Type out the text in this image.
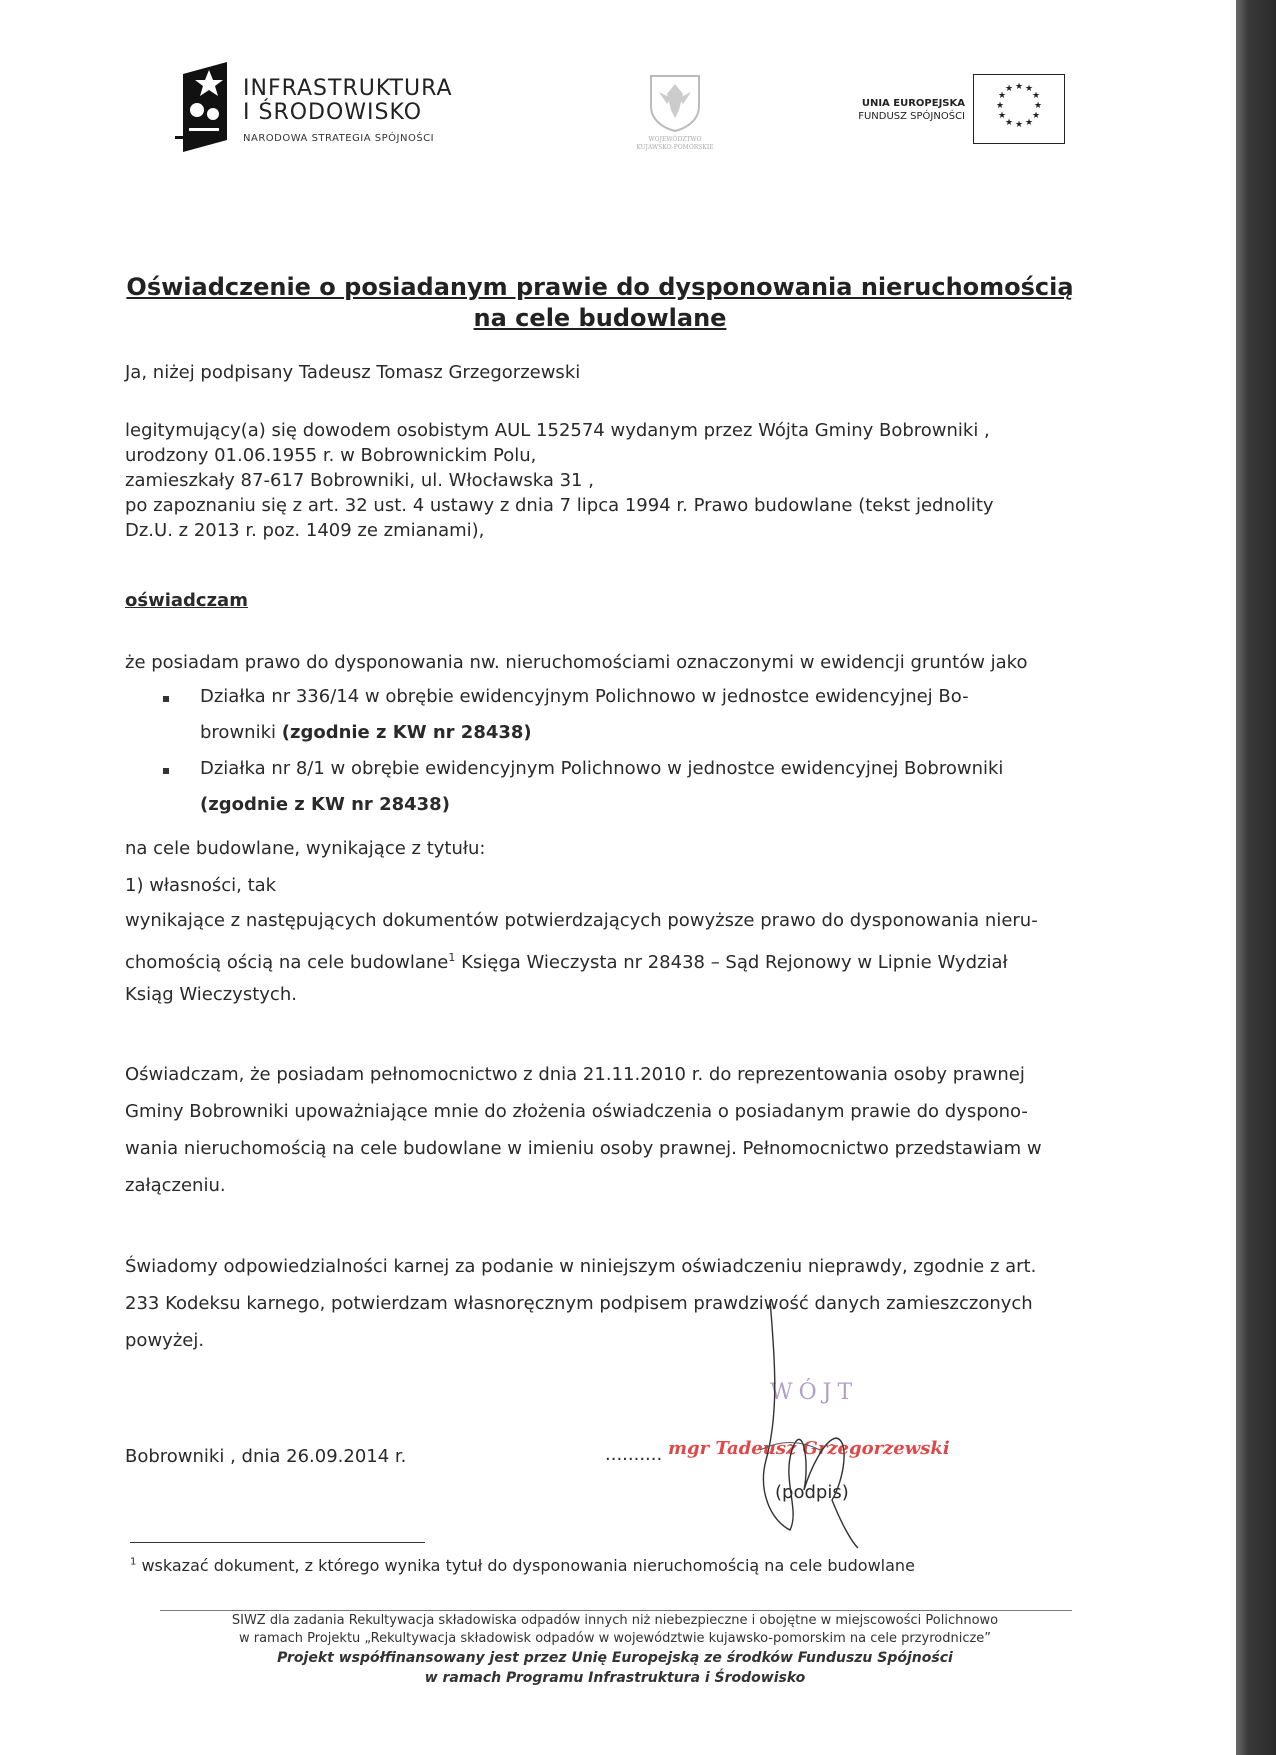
INFRASTRUKTURA
I ŚRODOWISKO
NARODOWA STRATEGIA SPÓJNOŚCI	WOJEWÓDZTWO
KUJAWSKO-POMORSKIE
UNIA EUROPEJSKA
FUNDUSZ SPÓJNOŚCI
★ ★
★
★
★
★
★
★
★
★
★
★
Oświadczenie o posiadanym prawie do dysponowania nieruchomością
na cele budowlane
Ja, niżej podpisany Tadeusz Tomasz Grzegorzewski
legitymujący(a) się dowodem osobistym AUL 152574 wydanym przez Wójta Gminy Bobrowniki ,
urodzony 01.06.1955 r. w Bobrownickim Polu,
zamieszkały 87-617 Bobrowniki, ul. Włocławska 31 ,
po zapoznaniu się z art. 32 ust. 4 ustawy z dnia 7 lipca 1994 r. Prawo budowlane (tekst jednolity
Dz.U. z 2013 r. poz. 1409 ze zmianami),
oświadczam
że posiadam prawo do dysponowania nw. nieruchomościami oznaczonymi w ewidencji gruntów jako
Działka nr 336/14 w obrębie ewidencyjnym Polichnowo w jednostce ewidencyjnej Bo-
browniki (zgodnie z KW nr 28438)
Działka nr 8/1 w obrębie ewidencyjnym Polichnowo w jednostce ewidencyjnej Bobrowniki
(zgodnie z KW nr 28438)
na cele budowlane, wynikające z tytułu:
1) własności, tak
wynikające z następujących dokumentów potwierdzających powyższe prawo do dysponowania nieru-
chomością ością na cele budowlane$^1$ Księga Wieczysta nr 28438 – Sąd Rejonowy w Lipnie Wydział
Ksiąg Wieczystych.
Oświadczam, że posiadam pełnomocnictwo z dnia 21.11.2010 r. do reprezentowania osoby prawnej
Gminy Bobrowniki upoważniające mnie do złożenia oświadczenia o posiadanym prawie do dyspono-
wania nieruchomością na cele budowlane w imieniu osoby prawnej. Pełnomocnictwo przedstawiam w
załączeniu.
Świadomy odpowiedzialności karnej za podanie w niniejszym oświadczeniu nieprawdy, zgodnie z art.
233 Kodeksu karnego, potwierdzam własnoręcznym podpisem prawdziwość danych zamieszczonych
powyżej.
Bobrowniki , dnia 26.09.2014 r.	..........
WÓJT
mgr Tadeusz Grzegorzewski
(podpis)
$^1$ wskazać dokument, z którego wynika tytuł do dysponowania nieruchomością na cele budowlane
SIWZ dla zadania Rekultywacja składowiska odpadów innych niż niebezpieczne i obojętne w miejscowości Polichnowo
w ramach Projektu „Rekultywacja składowisk odpadów w województwie kujawsko-pomorskim na cele przyrodnicze”
Projekt współfinansowany jest przez Unię Europejską ze środków Funduszu Spójności
w ramach Programu Infrastruktura i Środowisko
